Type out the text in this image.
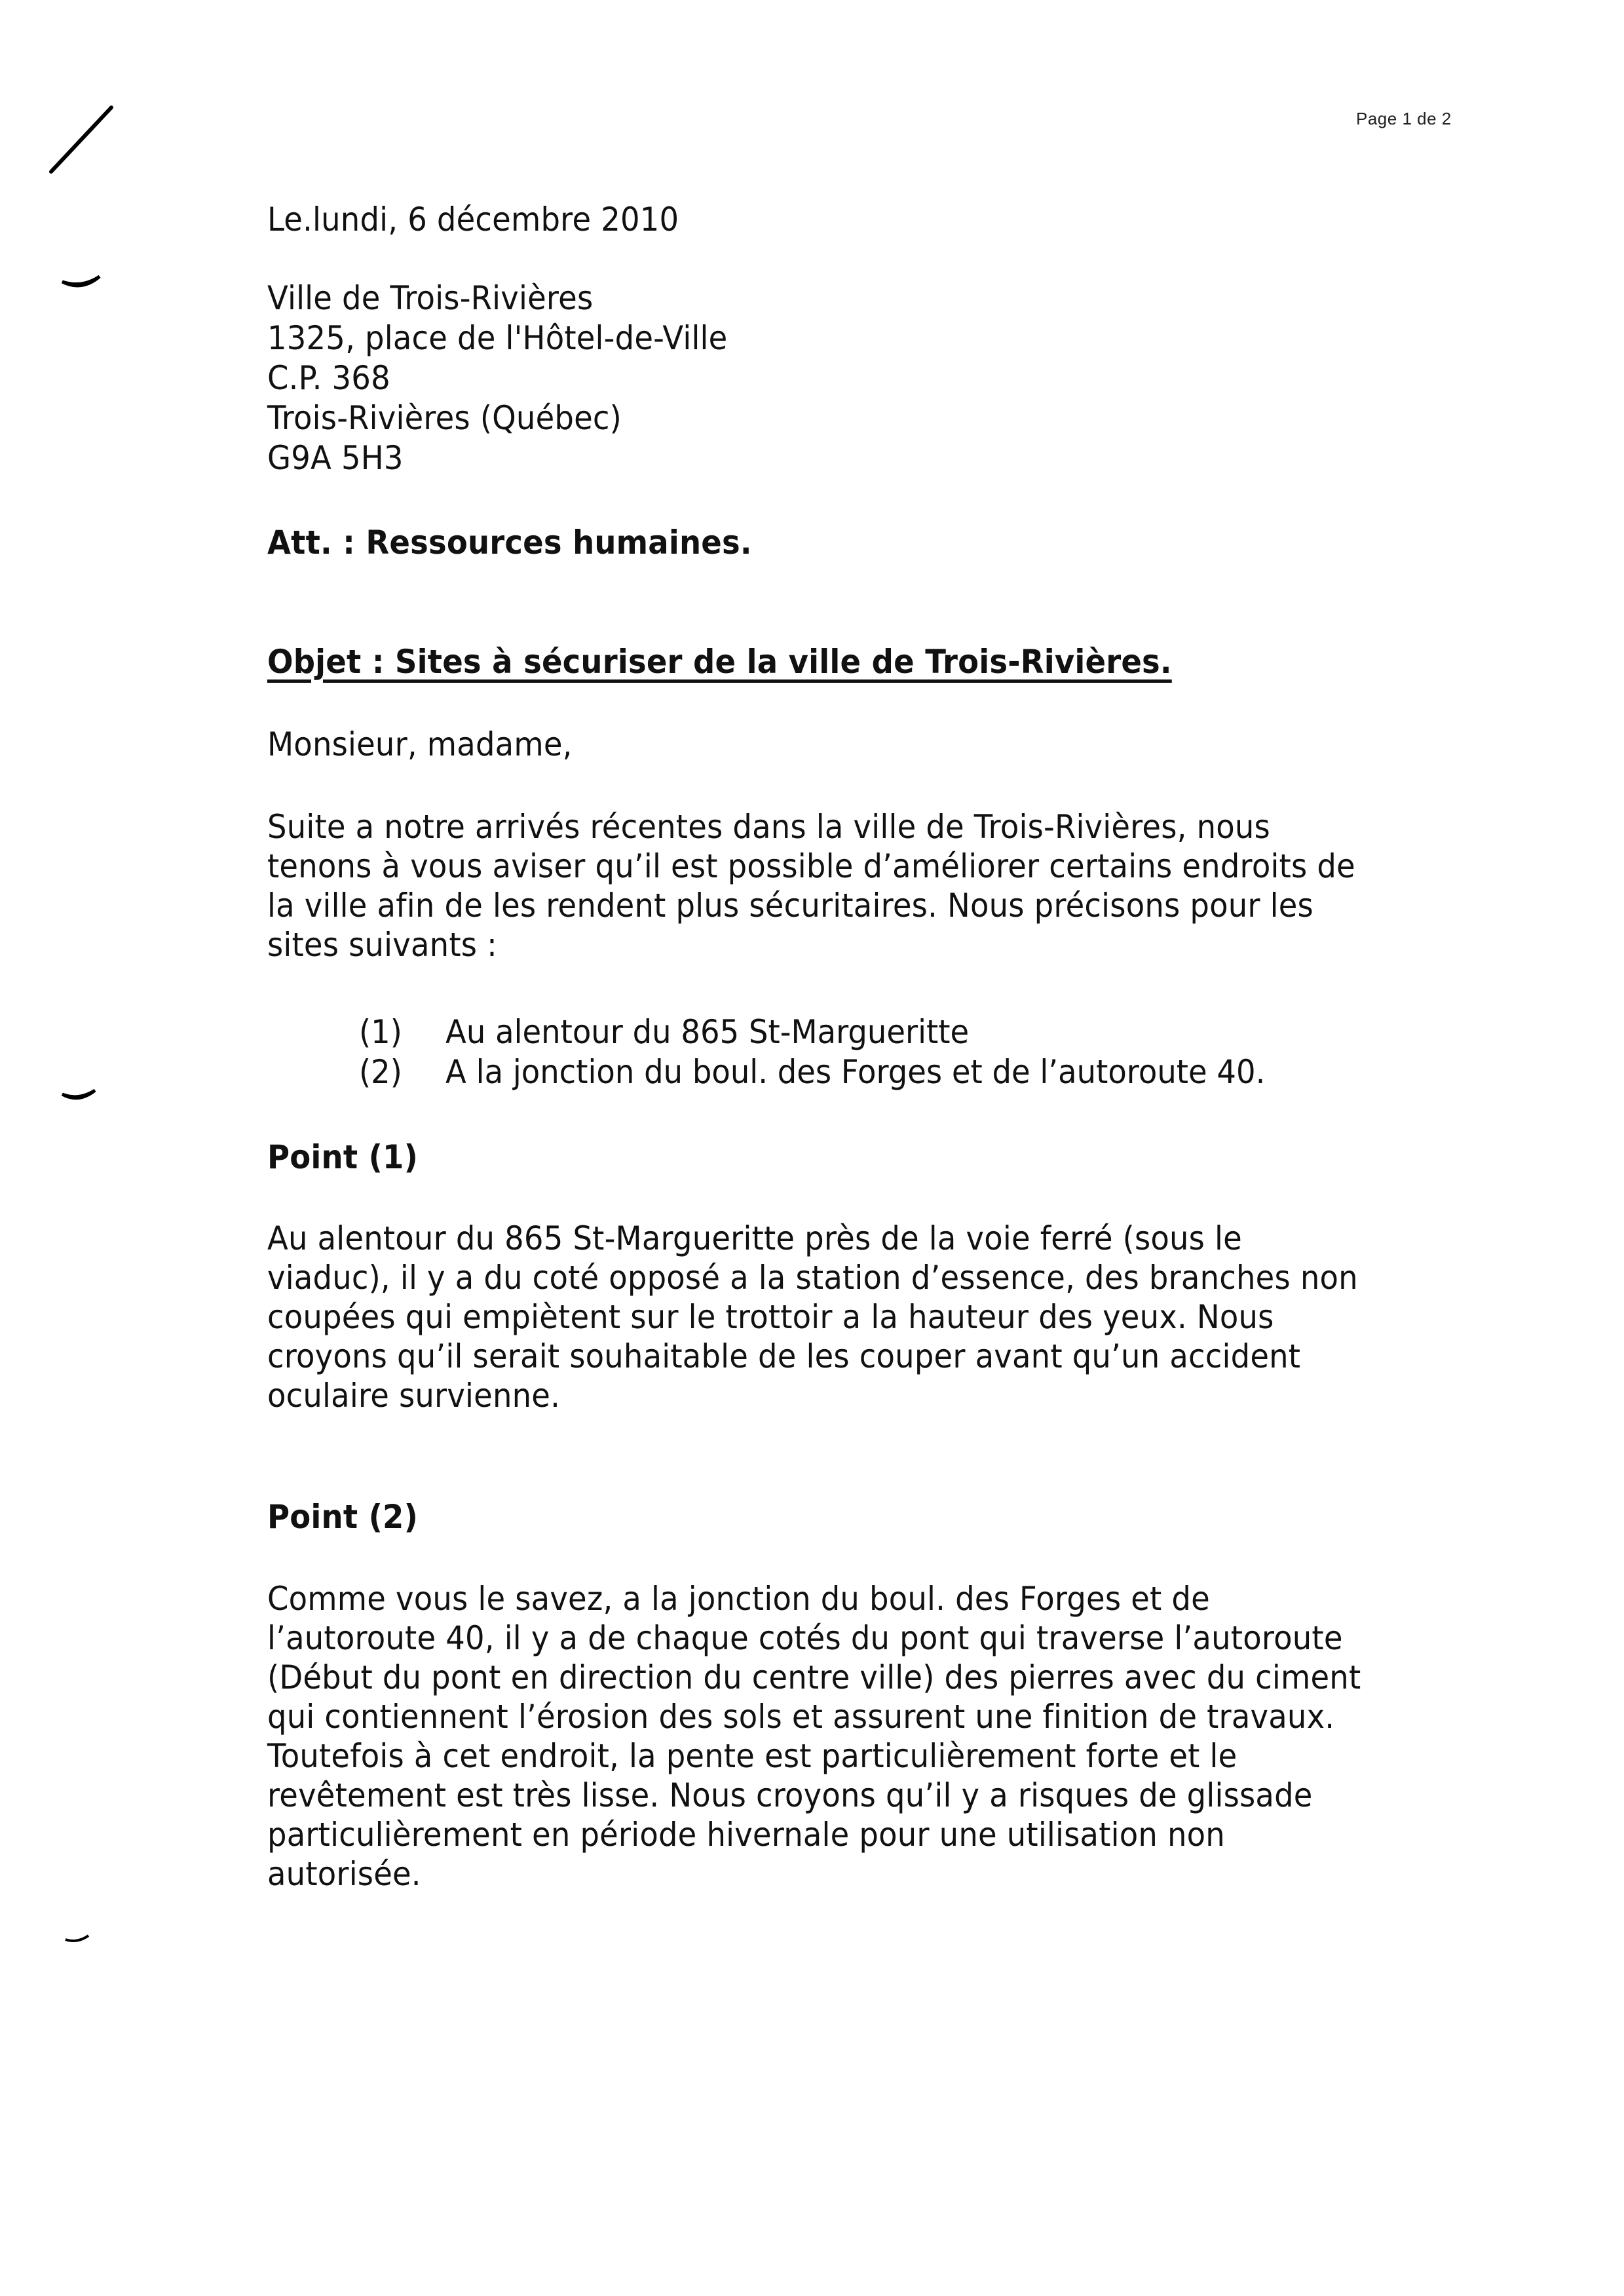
Page 1 de 2
Le.lundi, 6 décembre 2010
Ville de Trois-Rivières
1325, place de l'Hôtel-de-Ville
C.P. 368
Trois-Rivières (Québec)
G9A 5H3
Att. : Ressources humaines.
Objet : Sites à sécuriser de la ville de Trois-Rivières.
Monsieur, madame,
Suite a notre arrivés récentes dans la ville de Trois-Rivières, nous
tenons à vous aviser qu’il est possible d’améliorer certains endroits de
la ville afin de les rendent plus sécuritaires. Nous précisons pour les
sites suivants :
(1)	Au alentour du 865 St-Margueritte
(2)	A la jonction du boul. des Forges et de l’autoroute 40.
Point (1)
Au alentour du 865 St-Margueritte près de la voie ferré (sous le
viaduc), il y a du coté opposé a la station d’essence, des branches non
coupées qui empiètent sur le trottoir a la hauteur des yeux. Nous
croyons qu’il serait souhaitable de les couper avant qu’un accident
oculaire survienne.
Point (2)
Comme vous le savez, a la jonction du boul. des Forges et de
l’autoroute 40, il y a de chaque cotés du pont qui traverse l’autoroute
(Début du pont en direction du centre ville) des pierres avec du ciment
qui contiennent l’érosion des sols et assurent une finition de travaux.
Toutefois à cet endroit, la pente est particulièrement forte et le
revêtement est très lisse. Nous croyons qu’il y a risques de glissade
particulièrement en période hivernale pour une utilisation non
autorisée.
